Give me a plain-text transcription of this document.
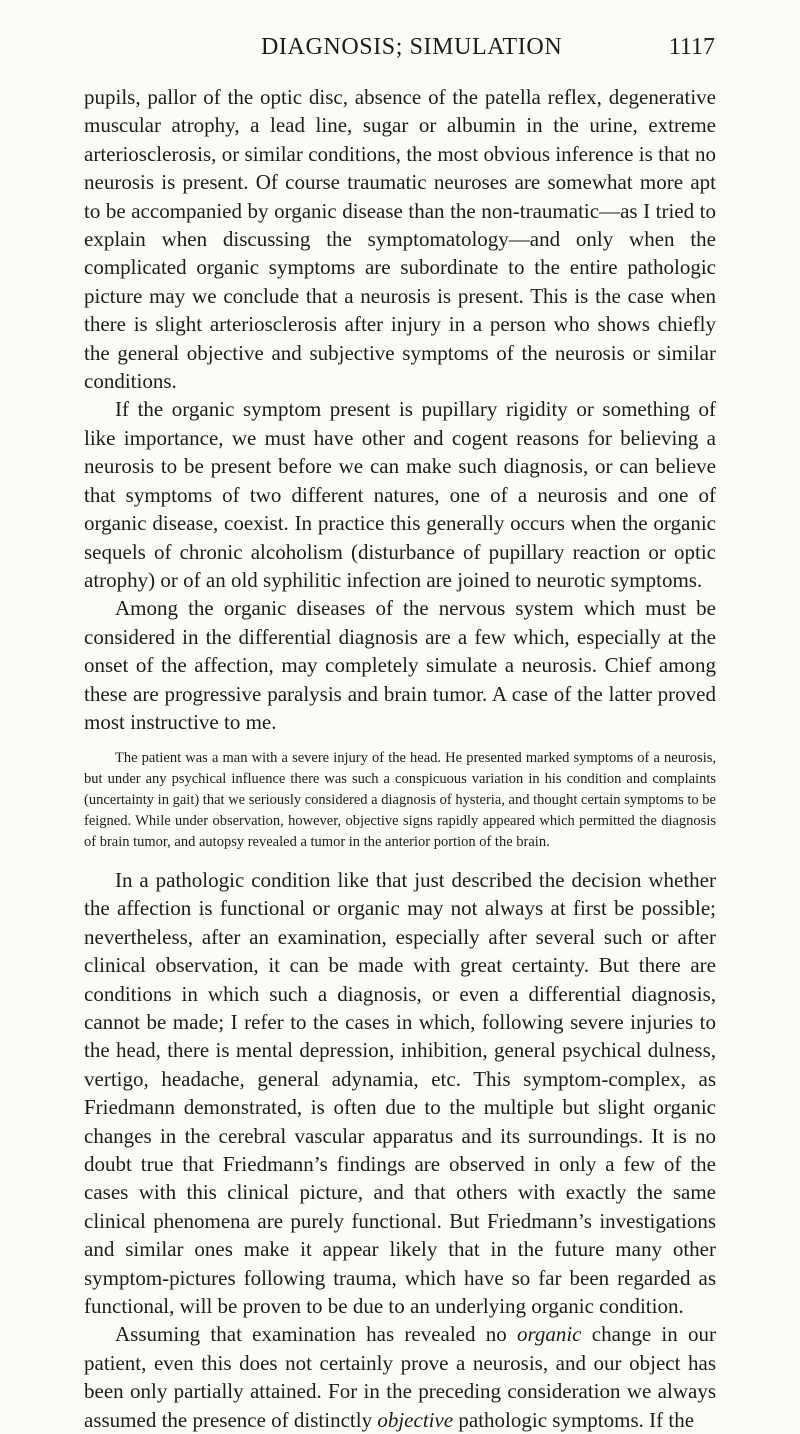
DIAGNOSIS; SIMULATION	1117

pupils, pallor of the optic disc, absence of the patella reflex, degenerative muscular atrophy, a lead line, sugar or albumin in the urine, extreme arteriosclerosis, or similar conditions, the most obvious inference is that no neurosis is present. Of course traumatic neuroses are somewhat more apt to be accompanied by organic disease than the non-traumatic—as I tried to explain when discussing the symptomatology—and only when the complicated organic symptoms are subordinate to the entire pathologic picture may we conclude that a neurosis is present. This is the case when there is slight arteriosclerosis after injury in a person who shows chiefly the general objective and subjective symptoms of the neurosis or similar conditions.

If the organic symptom present is pupillary rigidity or something of like importance, we must have other and cogent reasons for believing a neurosis to be present before we can make such diagnosis, or can believe that symptoms of two different natures, one of a neurosis and one of organic disease, coexist. In practice this generally occurs when the organic sequels of chronic alcoholism (disturbance of pupillary reaction or optic atrophy) or of an old syphilitic infection are joined to neurotic symptoms.

Among the organic diseases of the nervous system which must be considered in the differential diagnosis are a few which, especially at the onset of the affection, may completely simulate a neurosis. Chief among these are progressive paralysis and brain tumor. A case of the latter proved most instructive to me.

The patient was a man with a severe injury of the head. He presented marked symptoms of a neurosis, but under any psychical influence there was such a conspicuous variation in his condition and complaints (uncertainty in gait) that we seriously considered a diagnosis of hysteria, and thought certain symptoms to be feigned. While under observation, however, objective signs rapidly appeared which permitted the diagnosis of brain tumor, and autopsy revealed a tumor in the anterior portion of the brain.

In a pathologic condition like that just described the decision whether the affection is functional or organic may not always at first be possible; nevertheless, after an examination, especially after several such or after clinical observation, it can be made with great certainty. But there are conditions in which such a diagnosis, or even a differential diagnosis, cannot be made; I refer to the cases in which, following severe injuries to the head, there is mental depression, inhibition, general psychical dulness, vertigo, headache, general adynamia, etc. This symptom-complex, as Friedmann demonstrated, is often due to the multiple but slight organic changes in the cerebral vascular apparatus and its surroundings. It is no doubt true that Friedmann’s findings are observed in only a few of the cases with this clinical picture, and that others with exactly the same clinical phenomena are purely functional. But Friedmann’s investigations and similar ones make it appear likely that in the future many other symptom-pictures following trauma, which have so far been regarded as functional, will be proven to be due to an underlying organic condition.

Assuming that examination has revealed no organic change in our patient, even this does not certainly prove a neurosis, and our object has been only partially attained. For in the preceding consideration we always assumed the presence of distinctly objective pathologic symptoms. If the
